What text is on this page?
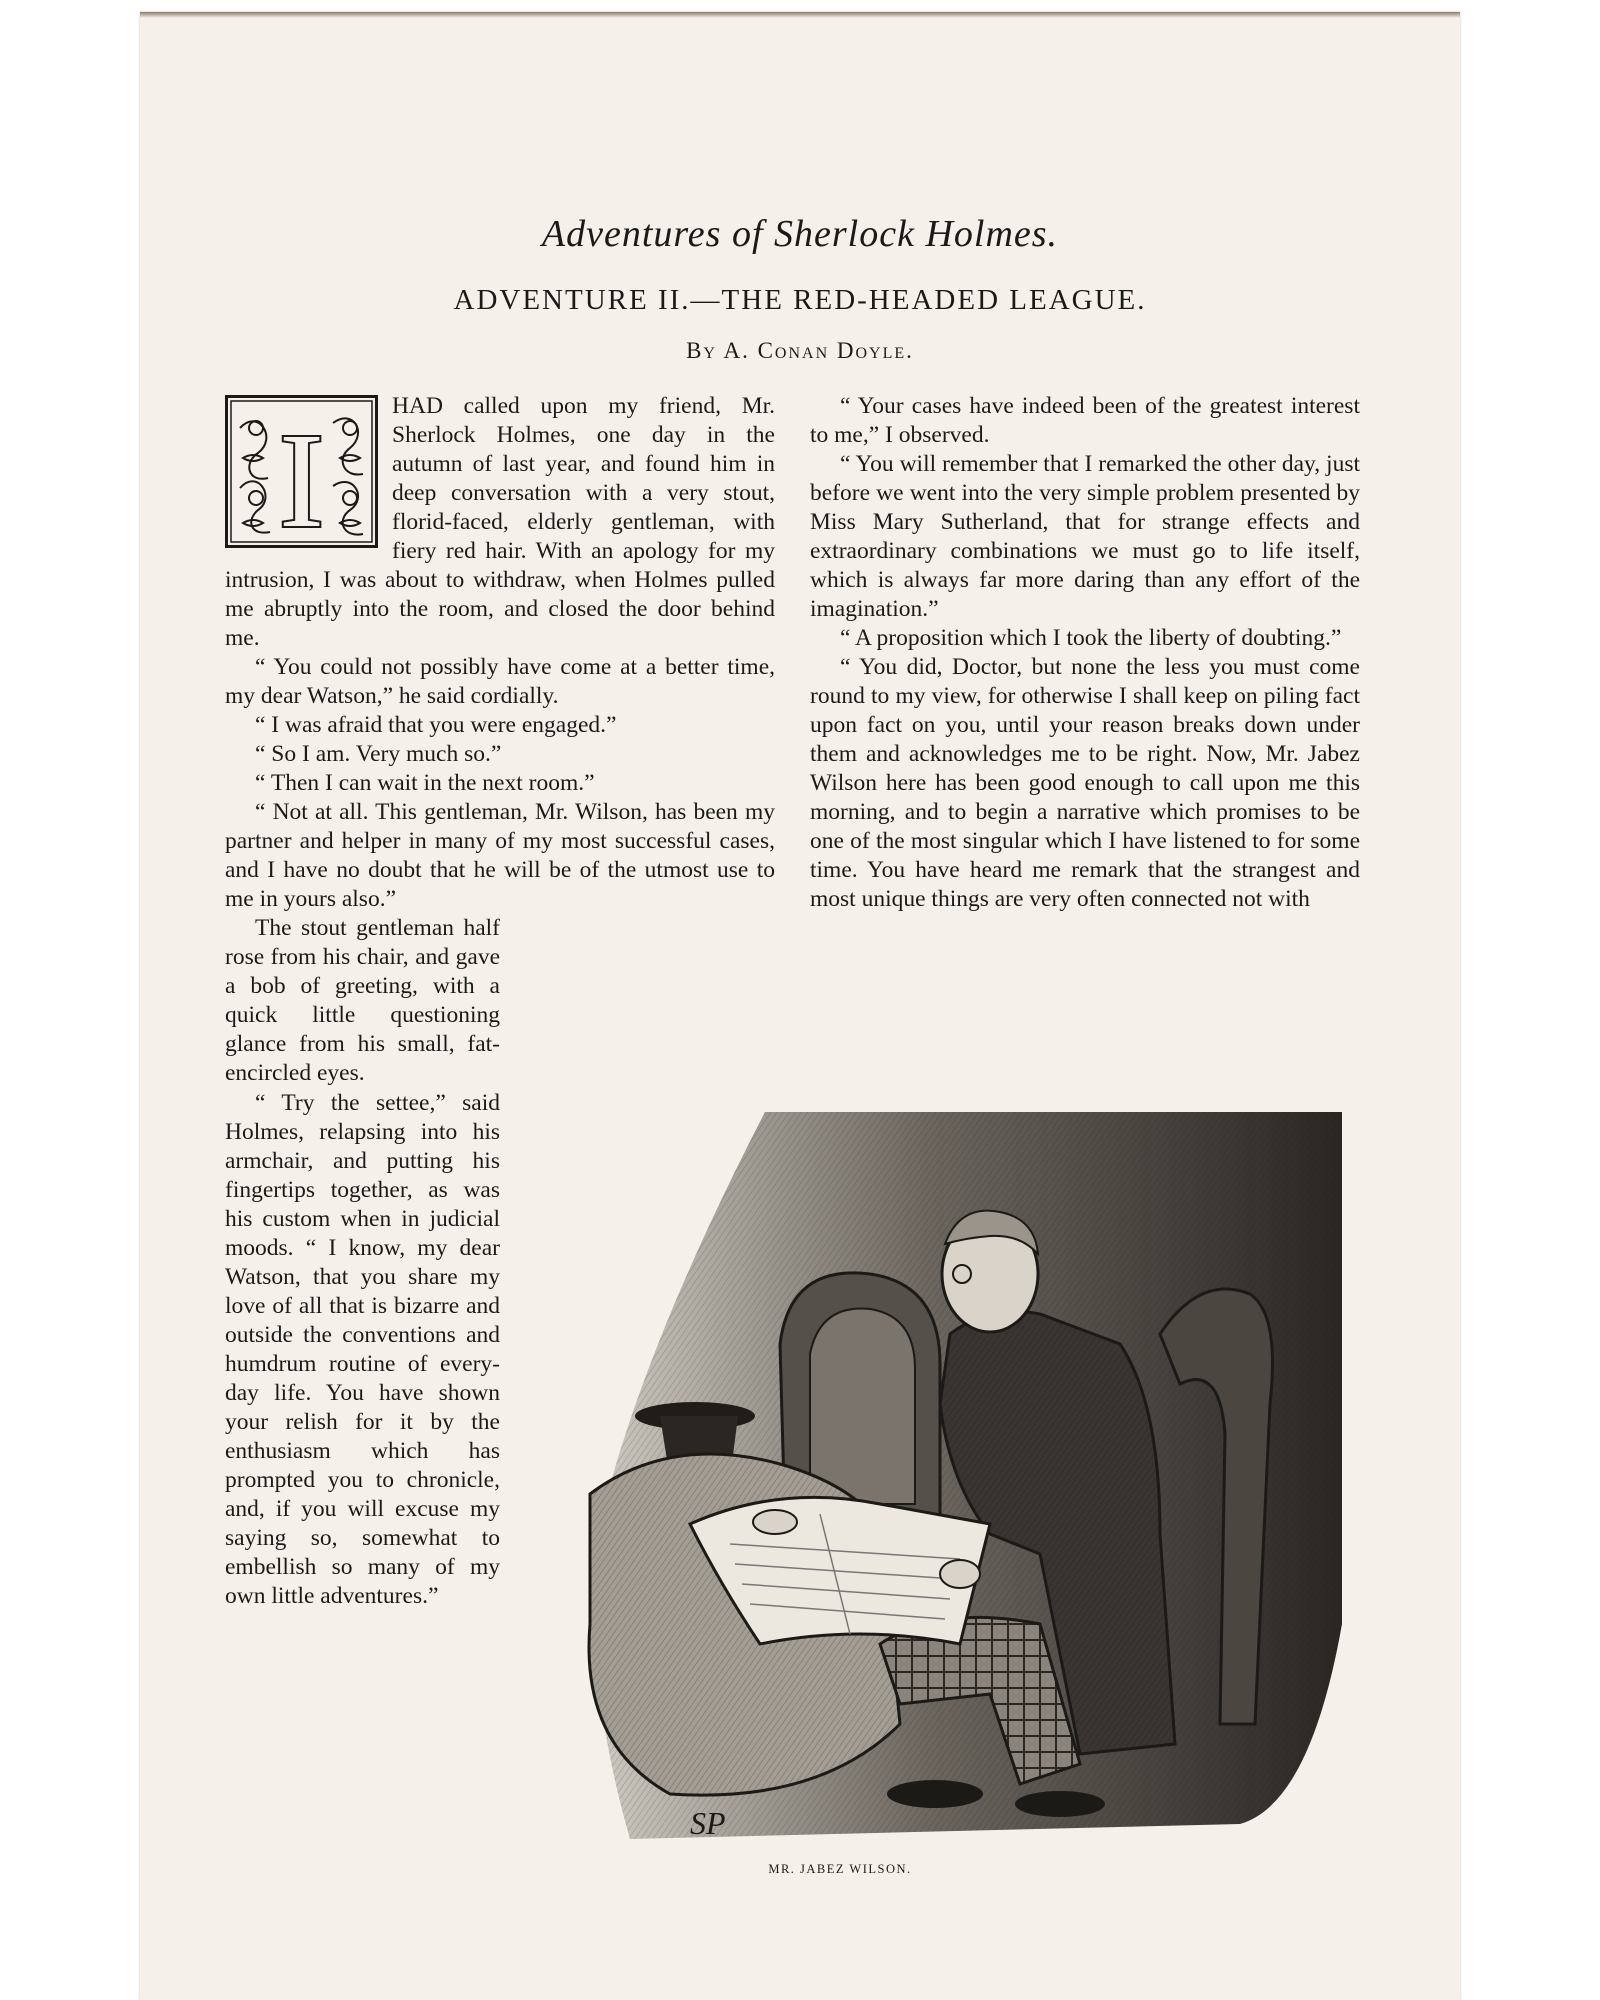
Adventures of Sherlock Holmes.
ADVENTURE II.—THE RED-HEADED LEAGUE.
By A. Conan Doyle.
I	HAD called upon my friend, Mr. Sherlock Holmes, one day in the autumn of last year, and found him in deep conversation with a very stout, florid-faced, elderly gentleman, with fiery red hair. With an apology for my intrusion, I was about to withdraw, when Holmes pulled me abruptly into the room, and closed the door behind me.

“ You could not possibly have come at a better time, my dear Watson,” he said cordially.

“ I was afraid that you were engaged.”

“ So I am. Very much so.”

“ Then I can wait in the next room.”

“ Not at all. This gentleman, Mr. Wilson, has been my partner and helper in many of my most successful cases, and I have no doubt that he will be of the utmost use to me in yours also.”

The stout gentleman half rose from his chair, and gave a bob of greeting, with a quick little questioning glance from his small, fat-encircled eyes.

“ Try the settee,” said Holmes, relapsing into his armchair, and putting his fingertips together, as was his custom when in judicial moods. “ I know, my dear Watson, that you share my love of all that is bizarre and outside the conventions and humdrum routine of every-day life. You have shown your relish for it by the enthusiasm which has prompted you to chronicle, and, if you will excuse my saying so, somewhat to embellish so many of my own little adventures.”

“ Your cases have indeed been of the greatest interest to me,” I observed.

“ You will remember that I remarked the other day, just before we went into the very simple problem presented by Miss Mary Sutherland, that for strange effects and extraordinary combinations we must go to life itself, which is always far more daring than any effort of the imagination.”

“ A proposition which I took the liberty of doubting.”

“ You did, Doctor, but none the less you must come round to my view, for otherwise I shall keep on piling fact upon fact on you, until your reason breaks down under them and acknowledges me to be right. Now, Mr. Jabez Wilson here has been good enough to call upon me this morning, and to begin a narrative which promises to be one of the most singular which I have listened to for some time. You have heard me remark that the strangest and most unique things are very often connected not with

SP
MR. JABEZ WILSON.
